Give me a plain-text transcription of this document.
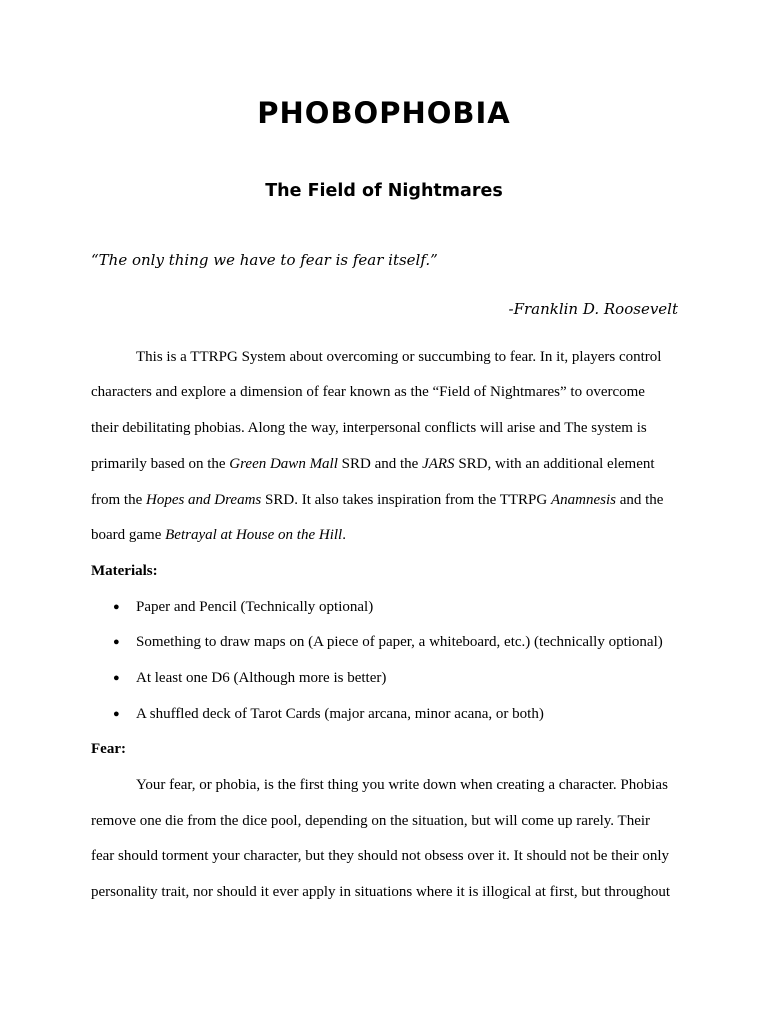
PHOBOPHOBIA
The Field of Nightmares
“The only thing we have to fear is fear itself.”
-Franklin D. Roosevelt
This is a TTRPG System about overcoming or succumbing to fear. In it, players control
characters and explore a dimension of fear known as the “Field of Nightmares” to overcome
their debilitating phobias. Along the way, interpersonal conflicts will arise and The system is
primarily based on the Green Dawn Mall SRD and the JARS SRD, with an additional element
from the Hopes and Dreams SRD. It also takes inspiration from the TTRPG Anamnesis and the
board game Betrayal at House on the Hill.
Materials:
● Paper and Pencil (Technically optional)
● Something to draw maps on (A piece of paper, a whiteboard, etc.) (technically optional)
● At least one D6 (Although more is better)
● A shuffled deck of Tarot Cards (major arcana, minor acana, or both)
Fear:
Your fear, or phobia, is the first thing you write down when creating a character. Phobias
remove one die from the dice pool, depending on the situation, but will come up rarely. Their
fear should torment your character, but they should not obsess over it. It should not be their only
personality trait, nor should it ever apply in situations where it is illogical at first, but throughout
